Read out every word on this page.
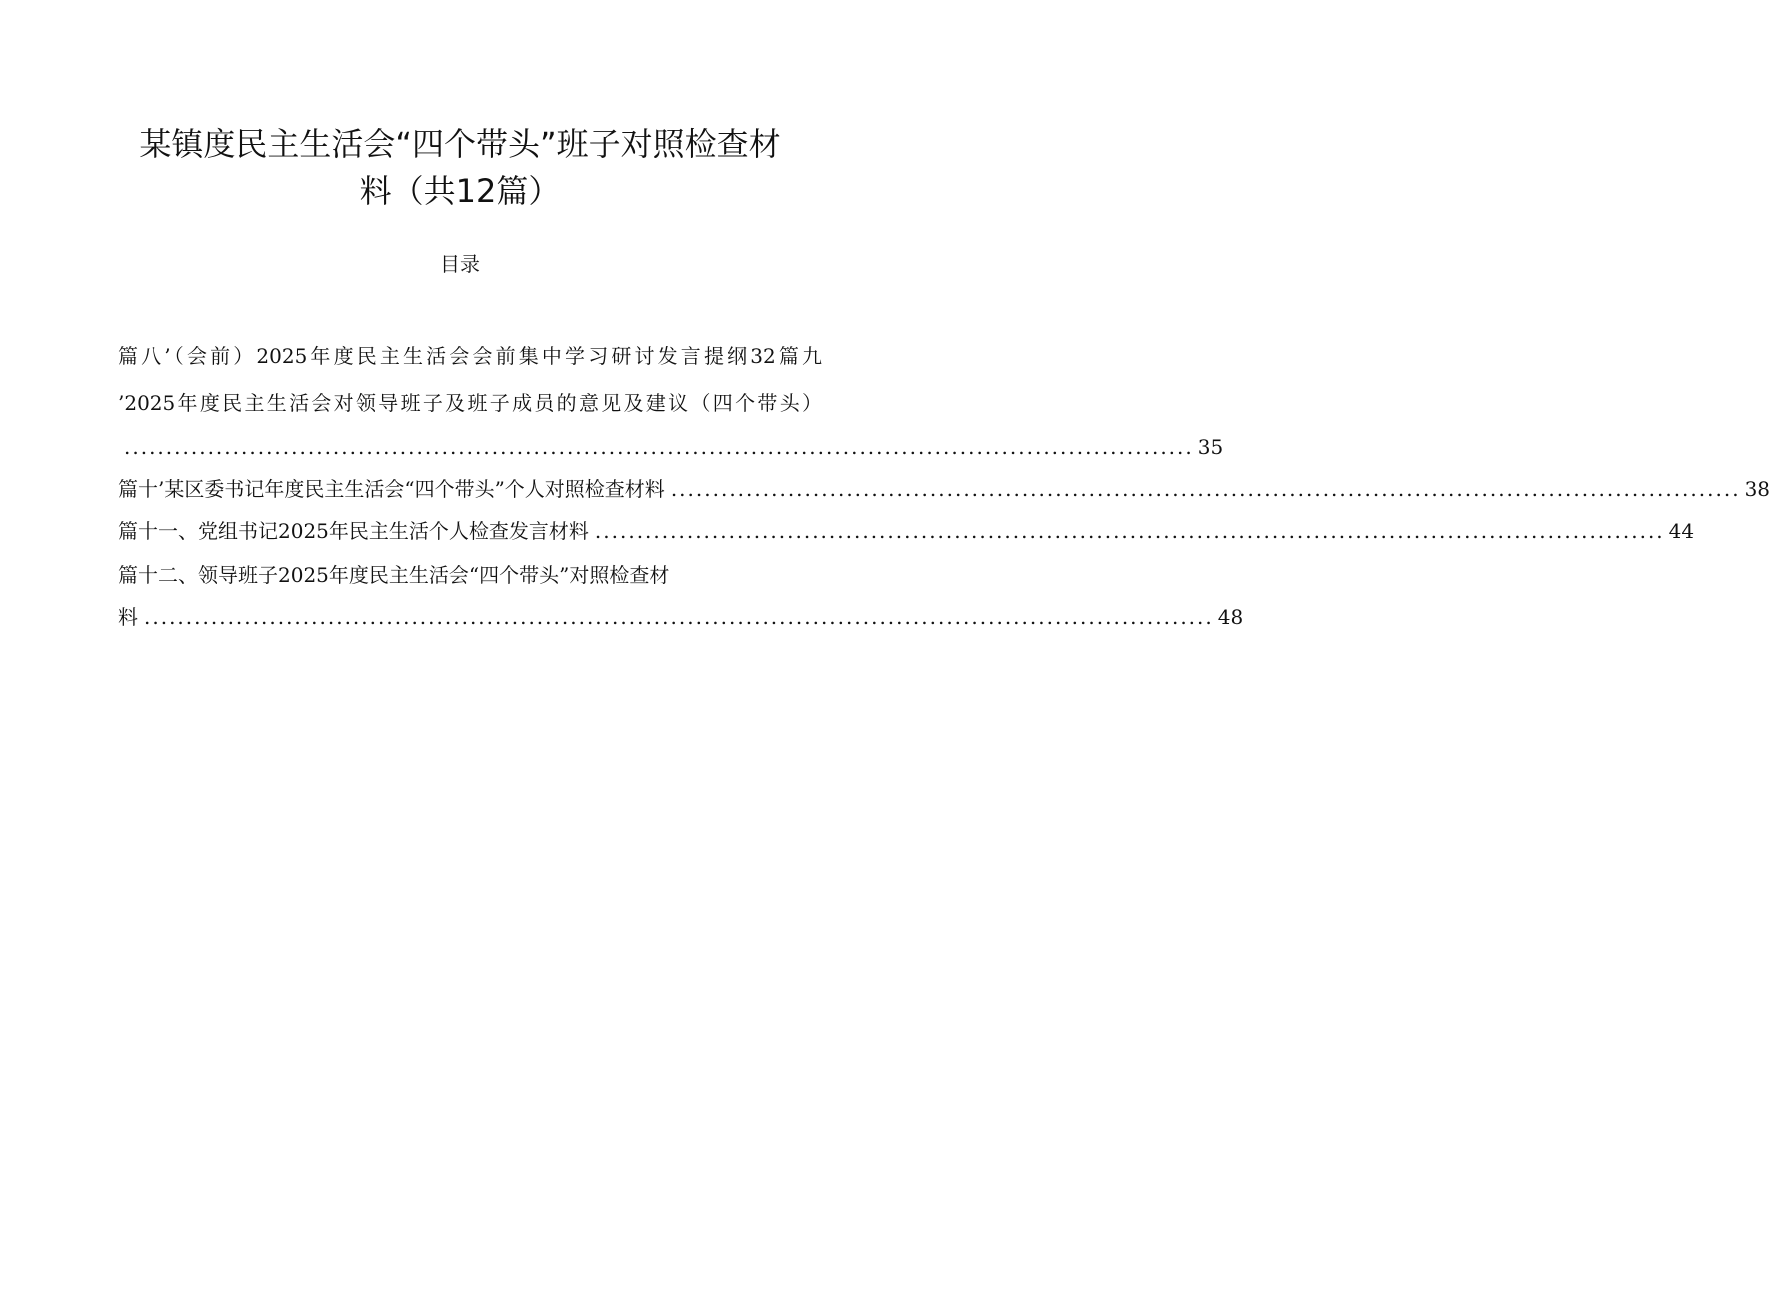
某镇度民主生活会“四个带头”班子对照检查材
料（共12篇）
目录
篇八’（会前）2025年度民主生活会会前集中学习研讨发言提纲32篇九
’2025年度民主生活会对领导班子及班子成员的意见及建议（四个带头）
................................................................................................................................ 35
篇十’某区委书记年度民主生活会“四个带头”个人对照检查材料 ................................................................................................................................ 38
篇十一、党组书记2025年民主生活个人检查发言材料 ................................................................................................................................ 44
篇十二、领导班子2025年度民主生活会“四个带头”对照检查材
料 ................................................................................................................................ 48
